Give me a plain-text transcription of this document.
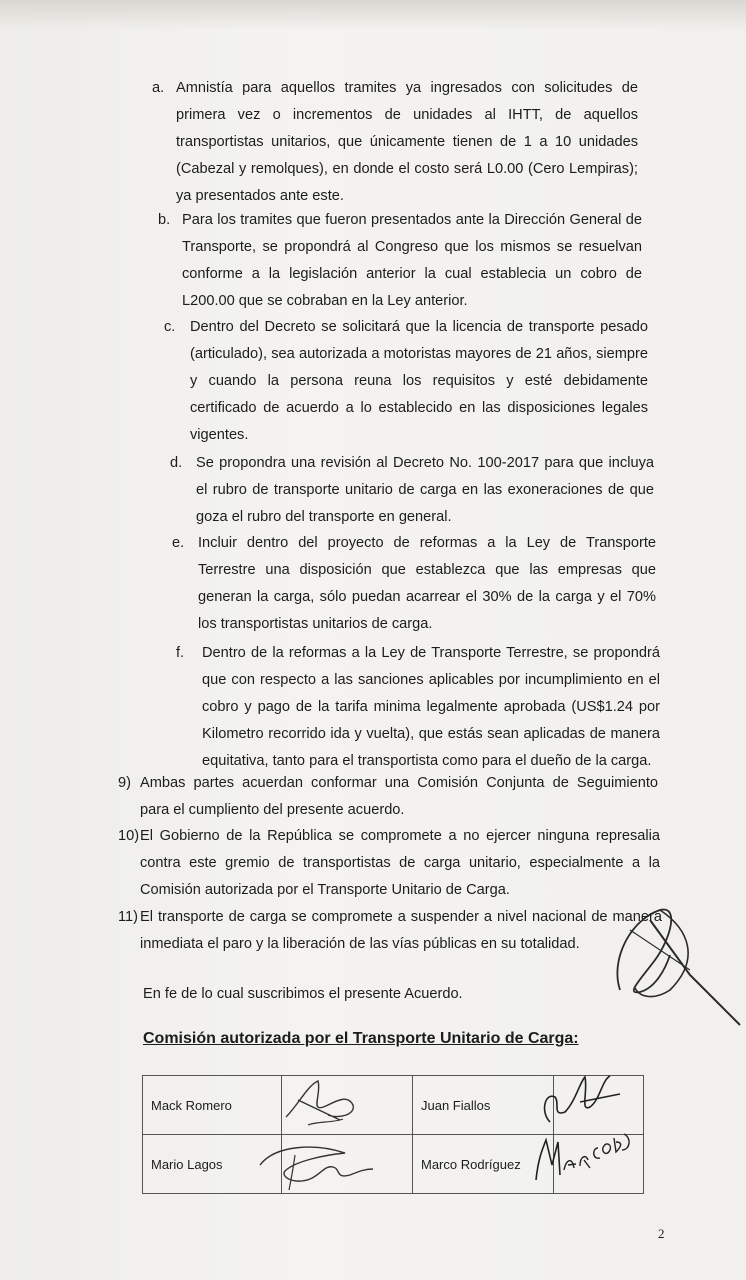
a. Amnistía para aquellos tramites ya ingresados con solicitudes de primera vez o incrementos de unidades al IHTT, de aquellos transportistas unitarios, que únicamente tienen de 1 a 10 unidades (Cabezal y remolques), en donde el costo será L0.00 (Cero Lempiras); ya presentados ante este.
b. Para los tramites que fueron presentados ante la Dirección General de Transporte, se propondrá al Congreso que los mismos se resuelvan conforme a la legislación anterior la cual establecia un cobro de L200.00 que se cobraban en la Ley anterior.
c.	Dentro del Decreto se solicitará que la licencia de transporte pesado (articulado), sea autorizada a motoristas mayores de 21 años, siempre y cuando la persona reuna los requisitos y esté debidamente certificado de acuerdo a lo establecido en las disposiciones legales vigentes.
d. Se propondra una revisión al Decreto No. 100-2017 para que incluya el rubro de transporte unitario de carga en las exoneraciones de que goza el rubro del transporte en general.
e. Incluir dentro del proyecto de reformas a la Ley de Transporte Terrestre una disposición que establezca que las empresas que generan la carga, sólo puedan acarrear el 30% de la carga y el 70% los transportistas unitarios de carga.
f.	Dentro de la reformas a la Ley de Transporte Terrestre, se propondrá que con respecto a las sanciones aplicables por incumplimiento en el cobro y pago de la tarifa minima legalmente aprobada (US$1.24 por Kilometro recorrido ida y vuelta), que estás sean aplicadas de manera equitativa, tanto para el transportista como para el dueño de la carga.
9) Ambas partes acuerdan conformar una Comisión Conjunta de Seguimiento para el cumpliento del presente acuerdo.
10) El Gobierno de la República se compromete a no ejercer ninguna represalia contra este gremio de transportistas de carga unitario, especialmente a la Comisión autorizada por el Transporte Unitario de Carga.
11) El transporte de carga se compromete a suspender a nivel nacional de manera inmediata el paro y la liberación de las vías públicas en su totalidad.
En fe de lo cual suscribimos el presente Acuerdo.
Comisión autorizada por el Transporte Unitario de Carga:
Mack Romero		Juan Fiallos	
Mario Lagos		Marco Rodríguez	
2
